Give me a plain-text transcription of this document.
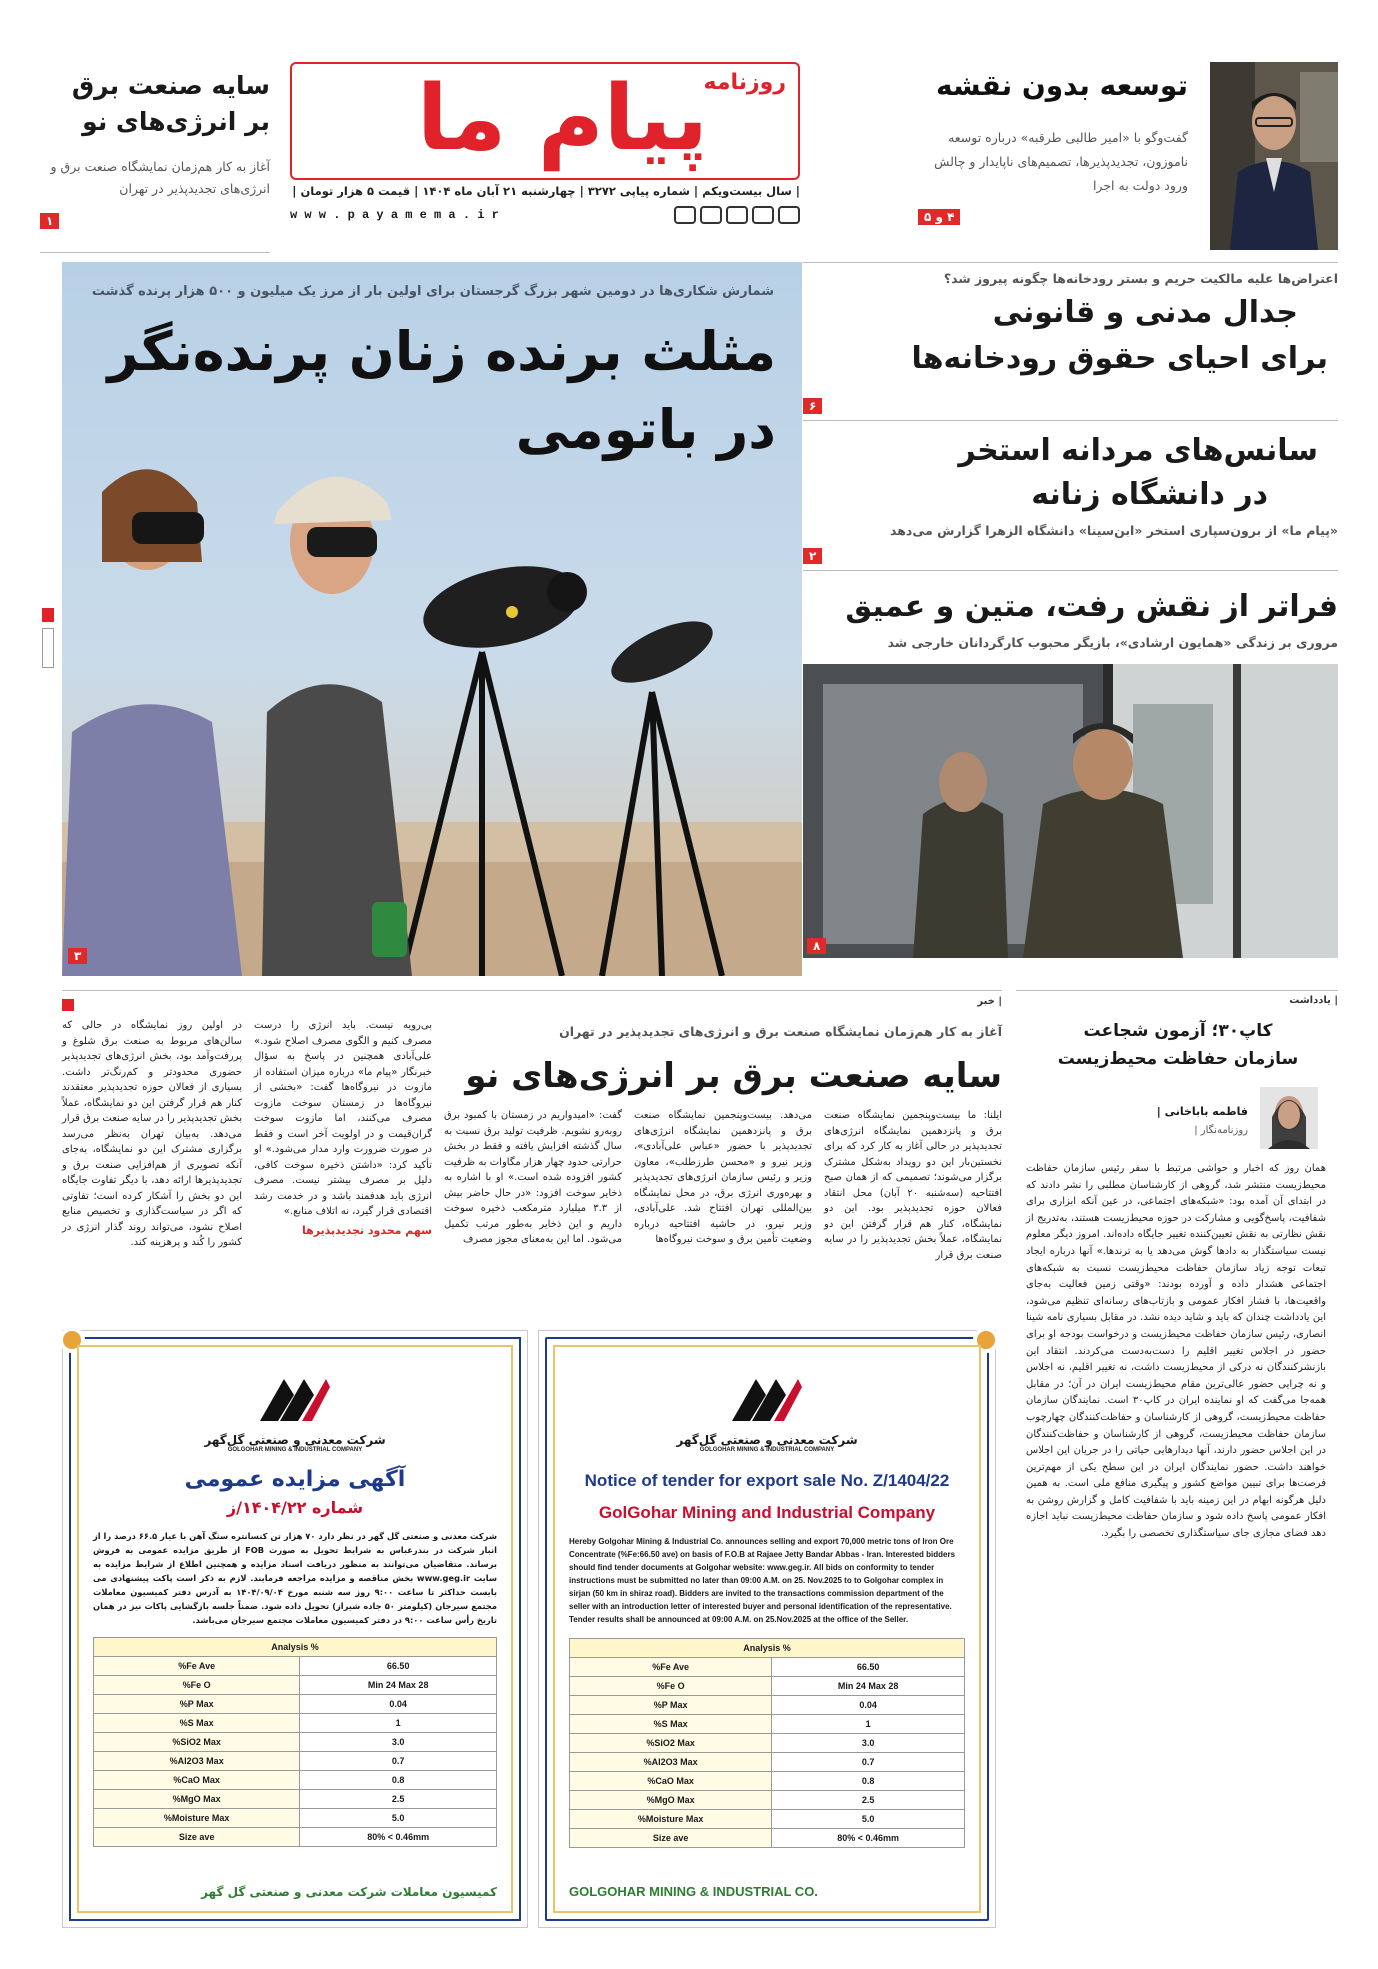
توسعه بدون نقشه
گفت‌وگو با «امیر طالبی طرقبه» درباره توسعه ناموزون، تجدیدپذیرها، تصمیم‌های ناپایدار و چالش ورود دولت به اجرا
۴ و ۵
روزنامه
پیام ما
| سال بیست‌ویکم | شماره پیاپی ۳۲۷۲ | چهارشنبه ۲۱ آبان ماه ۱۴۰۴ | قیمت ۵ هزار تومان |
w w w . p a y a m e m a . i r
سایه صنعت برق
بر انرژی‌های نو
آغاز به کار هم‌زمان نمایشگاه صنعت برق و انرژی‌های تجدیدپذیر در تهران
۱
شمارش شکاری‌ها در دومین شهر بزرگ گرجستان برای اولین بار از مرز یک میلیون و ۵۰۰ هزار پرنده گذشت
مثلث برنده زنان پرنده‌نگر
در باتومی
۳
اعتراض‌ها علیه مالکیت حریم و بستر رودخانه‌ها چگونه پیروز شد؟
جدال مدنی و قانونی
برای احیای حقوق رودخانه‌ها
۶
سانس‌های مردانه استخر
در دانشگاه زنانه
«پیام ما» از برون‌سپاری استخر «ابن‌سینا» دانشگاه الزهرا گزارش می‌دهد
۲
فراتر از نقش رفت، متین و عمیق
مروری بر زندگی «همایون ارشادی»، بازیگر محبوب کارگردانان خارجی شد
۸
| خبر
آغاز به کار هم‌زمان نمایشگاه صنعت برق و انرژی‌های تجدیدپذیر در تهران
سایه صنعت برق بر انرژی‌های نو
ایلنا: ما بیست‌وپنجمین نمایشگاه صنعت برق و پانزدهمین نمایشگاه انرژی‌های تجدیدپذیر در حالی آغاز به کار کرد که برای نخستین‌بار این دو رویداد به‌شکل مشترک برگزار می‌شوند؛ تصمیمی که از همان صبح افتتاحیه (سه‌شنبه ۲۰ آبان) محل انتقاد فعالان حوزه تجدیدپذیر بود. این دو نمایشگاه، کنار هم قرار گرفتن این دو نمایشگاه، عملاً بخش تجدیدپذیر را در سایه صنعت برق قرار
می‌دهد. بیست‌وپنجمین نمایشگاه صنعت برق و پانزدهمین نمایشگاه انرژی‌های تجدیدپذیر با حضور «عباس علی‌آبادی»، وزیر نیرو و «محسن طرزطلب»، معاون وزیر و رئیس سازمان انرژی‌های تجدیدپذیر و بهره‌وری انرژی برق، در محل نمایشگاه بین‌المللی تهران افتتاح شد. علی‌آبادی، وزیر نیرو، در حاشیه افتتاحیه درباره وضعیت تأمین برق و سوخت نیروگاه‌ها
گفت: «امیدواریم در زمستان با کمبود برق روبه‌رو نشویم. ظرفیت تولید برق نسبت به سال گذشته افزایش یافته و فقط در بخش حرارتی حدود چهار هزار مگاوات به ظرفیت کشور افزوده شده است.» او با اشاره به ذخایر سوخت افزود: «در حال حاضر بیش از ۳.۳ میلیارد مترمکعب ذخیره سوخت داریم و این ذخایر به‌طور مرتب تکمیل می‌شود. اما این به‌معنای مجوز مصرف
بی‌رویه نیست. باید انرژی را درست مصرف کنیم و الگوی مصرف اصلاح شود.» علی‌آبادی همچنین در پاسخ به سؤال خبرنگار «پیام ما» درباره میزان استفاده از مازوت در نیروگاه‌ها گفت: «بخشی از نیروگاه‌ها در زمستان سوخت مازوت مصرف می‌کنند، اما مازوت سوخت گران‌قیمت و در اولویت آخر است و فقط در صورت ضرورت وارد مدار می‌شود.» او تأکید کرد: «داشتن ذخیره سوخت کافی، دلیل بر مصرف بیشتر نیست. مصرف انرژی باید هدفمند باشد و در خدمت رشد اقتصادی قرار گیرد، نه اتلاف منابع.»
سهم محدود تجدیدپذیرها
در اولین روز نمایشگاه در حالی که سالن‌های مربوط به صنعت برق شلوغ و پررفت‌وآمد بود، بخش انرژی‌های تجدیدپذیر حضوری محدودتر و کم‌رنگ‌تر داشت. بسیاری از فعالان حوزه تجدیدپذیر معتقدند کنار هم قرار گرفتن این دو نمایشگاه، عملاً بخش تجدیدپذیر را در سایه صنعت برق قرار می‌دهد. به‌بیان تهران به‌نظر می‌رسد برگزاری مشترک این دو نمایشگاه، به‌جای آنکه تصویری از هم‌افزایی صنعت برق و تجدیدپذیرها ارائه دهد، با دیگر تفاوت جایگاه این دو بخش را آشکار کرده است؛ تفاوتی که اگر در سیاست‌گذاری و تخصیص منابع اصلاح نشود، می‌تواند روند گذار انرژی در کشور را کُند و پرهزینه کند.
| یادداشت
کاپ۳۰؛ آزمون شجاعت
سازمان حفاظت محیط‌زیست
فاطمه باباخانی |
روزنامه‌نگار |
همان روز که اخبار و حواشی مرتبط با سفر رئیس سازمان حفاظت محیط‌زیست منتشر شد، گروهی از کارشناسان مطلبی را نشر دادند که در ابتدای آن آمده بود: «شبکه‌های اجتماعی، در عین آنکه ابزاری برای شفافیت، پاسخ‌گویی و مشارکت در حوزه محیط‌زیست هستند، به‌تدریج از نقش نظارتی به نقش تعیین‌کننده تغییر جایگاه داده‌اند. امروز دیگر معلوم نیست سیاستگذار به دادها گوش می‌دهد یا به ترندها.» آنها درباره ایجاد تبعات توجه زیاد سازمان حفاظت محیط‌زیست نسبت به شبکه‌های اجتماعی هشدار داده و آورده بودند: «وقتی زمین فعالیت به‌جای واقعیت‌ها، با فشار افکار عمومی و بازتاب‌های رسانه‌ای تنظیم می‌شود، این یادداشت چندان که باید و شاید دیده نشد. در مقابل بسیاری نامه شینا انصاری، رئیس سازمان حفاظت محیط‌زیست و درخواست بودجه او برای حضور در اجلاس تغییر اقلیم را دست‌به‌دست می‌کردند. انتقاد این بازنشرکنندگان نه درکی از محیط‌زیست داشت، نه تغییر اقلیم، نه اجلاس و نه چرایی حضور عالی‌ترین مقام محیط‌زیست ایران در آن؛ در مقابل همه‌جا می‌گفت که او نماینده ایران در کاپ۳۰ است. نمایندگان سازمان حفاظت محیط‌زیست، گروهی از کارشناسان و حفاظت‌کنندگان چهارچوب سازمان حفاظت محیط‌زیست، گروهی از کارشناسان و حفاظت‌کنندگان در این اجلاس حضور دارند، آنها دیدارهایی حیاتی را در جریان این اجلاس خواهند داشت. حضور نمایندگان ایران در این سطح یکی از مهم‌ترین فرصت‌ها برای تبیین مواضع کشور و پیگیری منافع ملی است. به همین دلیل هرگونه ابهام در این زمینه باید با شفافیت کامل و گزارش روشن به افکار عمومی پاسخ داده شود و سازمان حفاظت محیط‌زیست نباید اجازه دهد فضای مجازی جای سیاستگذاری تخصصی را بگیرد.
شرکت معدنی و صنعتی گل‌گهر
GOLGOHAR MINING & INDUSTRIAL COMPANY
Notice of tender for export sale No. Z/1404/22
GolGohar Mining and Industrial Company
Hereby Golgohar Mining & Industrial Co. announces selling and export 70,000 metric tons of Iron Ore Concentrate (%Fe:66.50 ave) on basis of F.O.B at Rajaee Jetty Bandar Abbas - Iran. Interested bidders should find tender documents at Golgohar website: www.geg.ir. All bids on conformity to tender instructions must be submitted no later than 09:00 A.M. on 25. Nov.2025 to to Golgohar complex in sirjan (50 km in shiraz road). Bidders are invited to the transactions commission department of the seller with an introduction letter of interested buyer and personal identification of the representative. Tender results shall be announced at 09:00 A.M. on 25.Nov.2025 at the office of the Seller.
Analysis %	
%Fe Ave	66.50
%Fe O	Min 24 Max 28
%P Max	0.04
%S Max	1
%SiO2 Max	3.0
%Al2O3 Max	0.7
%CaO Max	0.8
%MgO Max	2.5
%Moisture Max	5.0
Size ave	80% < 0.46mm
GOLGOHAR MINING & INDUSTRIAL CO.
شرکت معدنی و صنعتی گل‌گهر
GOLGOHAR MINING & INDUSTRIAL COMPANY
آگهی مزایده عمومی
شماره ۱۴۰۴/۲۲/ز
شرکت معدنی و صنعتی گل گهر در نظر دارد ۷۰ هزار تن کنسانتره سنگ آهن با عیار ۶۶.۵ درصد را از انبار شرکت در بندرعباس به شرایط تحویل به صورت FOB از طریق مزایده عمومی به فروش برساند. متقاضیان می‌توانند به منظور دریافت اسناد مزایده و همچنین اطلاع از شرایط مزایده به سایت www.geg.ir بخش مناقصه و مزایده مراجعه فرمایند. لازم به ذکر است پاکت پیشنهادی می بایست حداکثر تا ساعت ۹:۰۰ روز سه شنبه مورخ ۱۴۰۴/۰۹/۰۴ به آدرس دفتر کمیسیون معاملات مجتمع سیرجان (کیلومتر ۵۰ جاده شیراز) تحویل داده شود. ضمناً جلسه بازگشایی پاکات نیز در همان تاریخ رأس ساعت ۹:۰۰ در دفتر کمیسیون معاملات مجتمع سیرجان می‌باشد.
Analysis %	
%Fe Ave	66.50
%Fe O	Min 24 Max 28
%P Max	0.04
%S Max	1
%SiO2 Max	3.0
%Al2O3 Max	0.7
%CaO Max	0.8
%MgO Max	2.5
%Moisture Max	5.0
Size ave	80% < 0.46mm
کمیسیون معاملات شرکت معدنی و صنعتی گل گهر
